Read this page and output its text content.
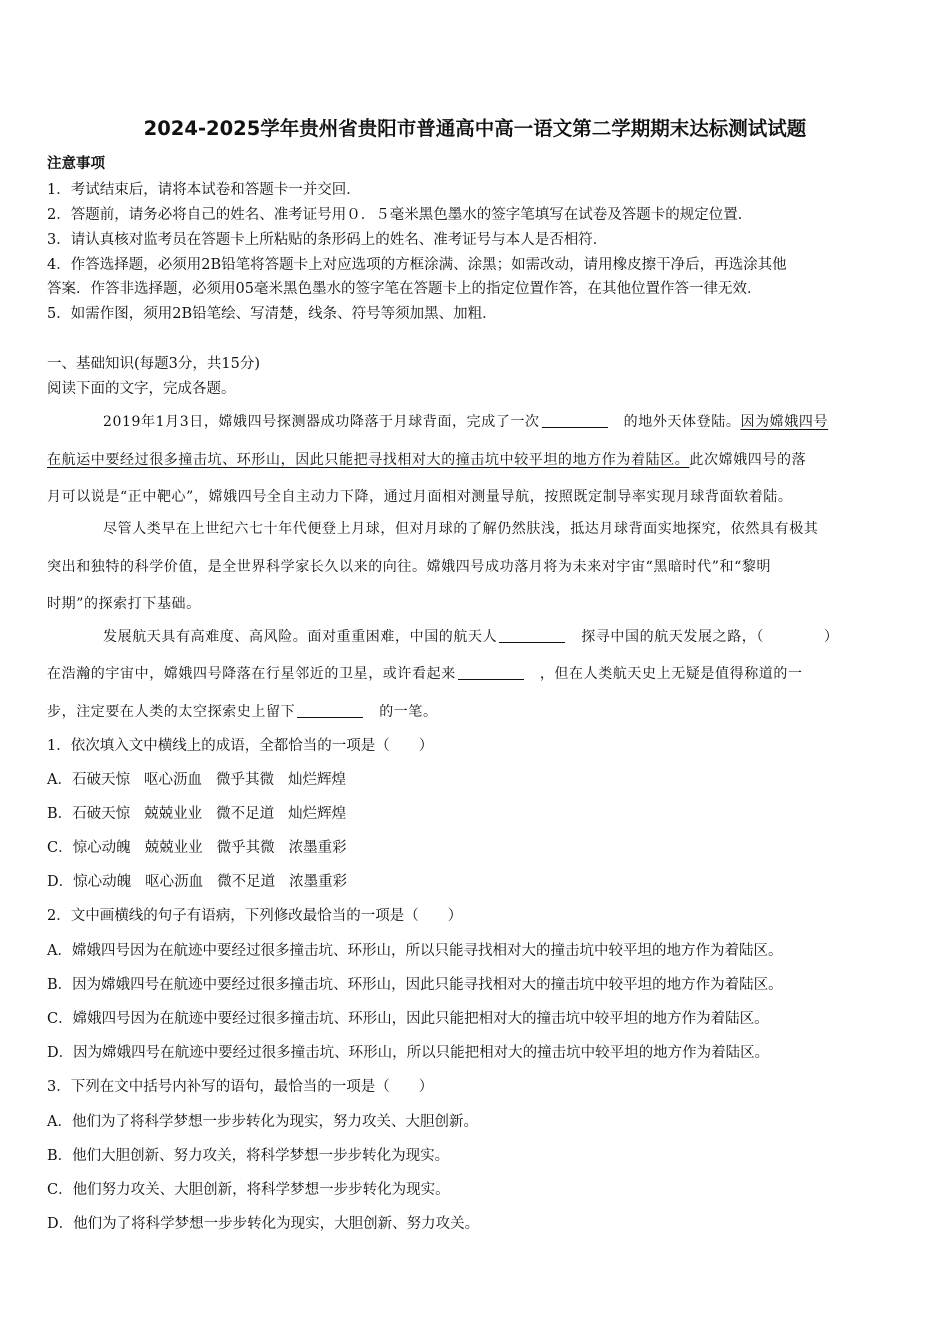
2024-2025学年贵州省贵阳市普通高中高一语文第二学期期末达标测试试题
注意事项
1．考试结束后，请将本试卷和答题卡一并交回．
2．答题前，请务必将自己的姓名、准考证号用０．５毫米黑色墨水的签字笔填写在试卷及答题卡的规定位置．
3．请认真核对监考员在答题卡上所粘贴的条形码上的姓名、准考证号与本人是否相符．
4．作答选择题，必须用2B铅笔将答题卡上对应选项的方框涂满、涂黑；如需改动，请用橡皮擦干净后，再选涂其他
答案．作答非选择题，必须用05毫米黑色墨水的签字笔在答题卡上的指定位置作答，在其他位置作答一律无效．
5．如需作图，须用2B铅笔绘、写清楚，线条、符号等须加黑、加粗．
一、基础知识(每题3分，共15分)
阅读下面的文字，完成各题。
2019年1月3日，嫦娥四号探测器成功降落于月球背面，完成了一次	的地外天体登陆。因为嫦娥四号
在航运中要经过很多撞击坑、环形山，因此只能把寻找相对大的撞击坑中较平坦的地方作为着陆区。此次嫦娥四号的落
月可以说是“正中靶心”，嫦娥四号全自主动力下降，通过月面相对测量导航，按照既定制导率实现月球背面软着陆。
尽管人类早在上世纪六七十年代便登上月球，但对月球的了解仍然肤浅，抵达月球背面实地探究，依然具有极其
突出和独特的科学价值，是全世界科学家长久以来的向往。嫦娥四号成功落月将为未来对宇宙“黑暗时代”和“黎明
时期”的探索打下基础。
发展航天具有高难度、高风险。面对重重困难，中国的航天人	探寻中国的航天发展之路，（	）
在浩瀚的宇宙中，嫦娥四号降落在行星邻近的卫星，或许看起来	，但在人类航天史上无疑是值得称道的一
步，注定要在人类的太空探索史上留下	的一笔。
1．依次填入文中横线上的成语，全都恰当的一项是（　　）
A．石破天惊 呕心沥血 微乎其微 灿烂辉煌
B．石破天惊 兢兢业业 微不足道 灿烂辉煌
C．惊心动魄 兢兢业业 微乎其微 浓墨重彩
D．惊心动魄 呕心沥血 微不足道 浓墨重彩
2．文中画横线的句子有语病，下列修改最恰当的一项是（　　）
A．嫦娥四号因为在航迹中要经过很多撞击坑、环形山，所以只能寻找相对大的撞击坑中较平坦的地方作为着陆区。
B．因为嫦娥四号在航迹中要经过很多撞击坑、环形山，因此只能寻找相对大的撞击坑中较平坦的地方作为着陆区。
C．嫦娥四号因为在航迹中要经过很多撞击坑、环形山，因此只能把相对大的撞击坑中较平坦的地方作为着陆区。
D．因为嫦娥四号在航迹中要经过很多撞击坑、环形山，所以只能把相对大的撞击坑中较平坦的地方作为着陆区。
3．下列在文中括号内补写的语句，最恰当的一项是（　　）
A．他们为了将科学梦想一步步转化为现实，努力攻关、大胆创新。
B．他们大胆创新、努力攻关，将科学梦想一步步转化为现实。
C．他们努力攻关、大胆创新，将科学梦想一步步转化为现实。
D．他们为了将科学梦想一步步转化为现实，大胆创新、努力攻关。
